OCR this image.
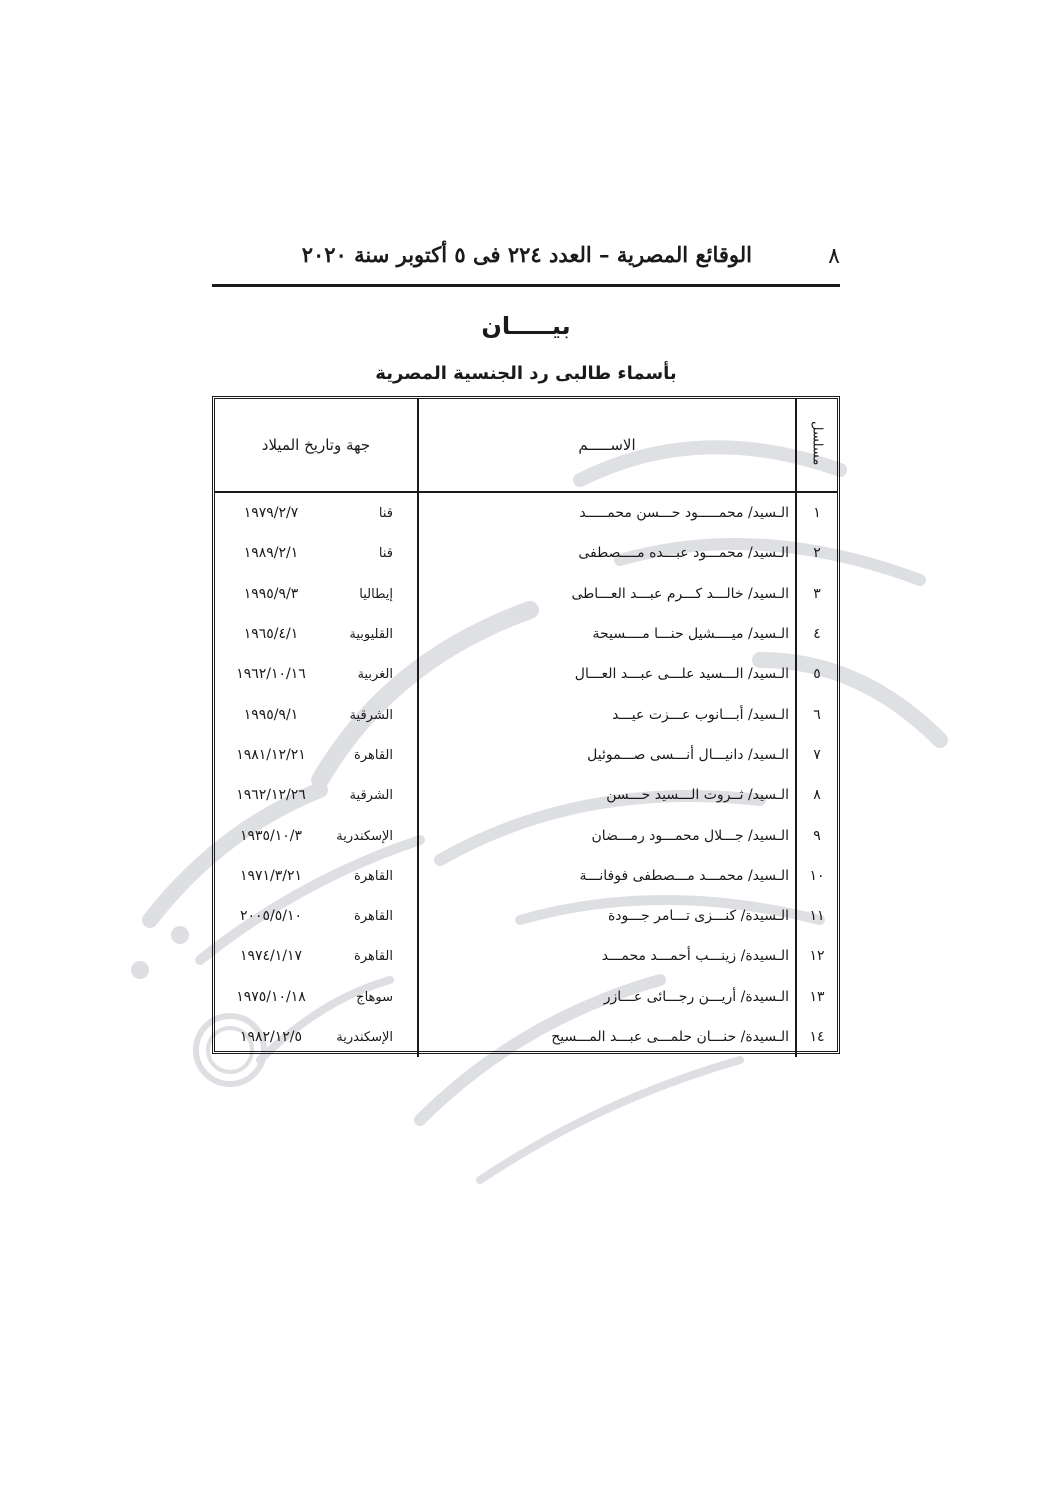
٨
الوقائع المصرية – العدد ٢٢٤ فى ٥ أكتوبر سنة ٢٠٢٠
بيـــــان
بأسماء طالبى رد الجنسية المصرية
مسلسل	الاســـــم	جهة وتاريخ الميلاد
١	الـسيد/ محمـــــود حـــسن محمـــــد	قنا١٩٧٩/٢/٧
٢	الـسيد/ محمـــود عبـــده مــــصطفى	قنا١٩٨٩/٢/١
٣	الـسيد/ خالـــد كـــرم عبـــد العـــاطى	إيطاليا١٩٩٥/٩/٣
٤	الـسيد/ ميــــشيل حنـــا مــــسيحة	القليوبية١٩٦٥/٤/١
٥	الـسيد/ الـــسيد علـــى عبـــد العـــال	الغربية١٩٦٢/١٠/١٦
٦	الـسيد/ أبـــانوب عـــزت عيـــد	الشرقية١٩٩٥/٩/١
٧	الـسيد/ دانيـــال أنـــسى صـــموئيل	القاهرة١٩٨١/١٢/٢١
٨	الـسيد/ ثــروت الـــسيد حـــسن	الشرقية١٩٦٢/١٢/٢٦
٩	الـسيد/ جـــلال محمـــود رمـــضان	الإسكندرية١٩٣٥/١٠/٣
١٠	الـسيد/ محمـــد مـــصطفى فوفانـــة	القاهرة١٩٧١/٣/٢١
١١	الـسيدة/ كنـــزى تـــامر جـــودة	القاهرة٢٠٠٥/٥/١٠
١٢	الـسيدة/ زينـــب أحمـــد محمـــد	القاهرة١٩٧٤/١/١٧
١٣	الـسيدة/ أريـــن رجـــائى عـــازر	سوهاج١٩٧٥/١٠/١٨
١٤	الـسيدة/ حنـــان حلمـــى عبـــد المـــسيح	الإسكندرية١٩٨٢/١٢/٥
